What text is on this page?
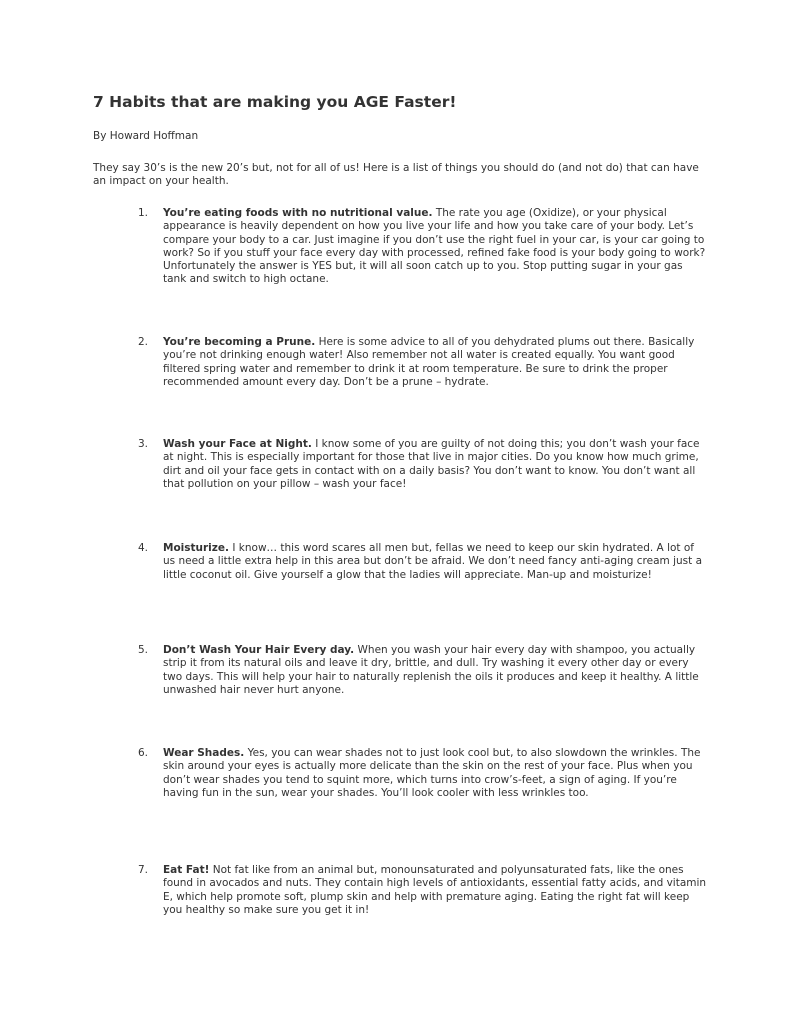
7 Habits that are making you AGE Faster!

By Howard Hoffman

They say 30’s is the new 20’s but, not for all of us! Here is a list of things you should do (and not do) that can have an impact on your health.

1.	You’re eating foods with no nutritional value. The rate you age (Oxidize), or your physical appearance is heavily dependent on how you live your life and how you take care of your body. Let’s compare your body to a car. Just imagine if you don’t use the right fuel in your car, is your car going to work? So if you stuff your face every day with processed, refined fake food is your body going to work? Unfortunately the answer is YES but, it will all soon catch up to you. Stop putting sugar in your gas tank and switch to high octane.

2.	You’re becoming a Prune. Here is some advice to all of you dehydrated plums out there. Basically you’re not drinking enough water! Also remember not all water is created equally. You want good filtered spring water and remember to drink it at room temperature. Be sure to drink the proper recommended amount every day. Don’t be a prune – hydrate.

3.	Wash your Face at Night. I know some of you are guilty of not doing this; you don’t wash your face at night. This is especially important for those that live in major cities. Do you know how much grime, dirt and oil your face gets in contact with on a daily basis? You don’t want to know. You don’t want all that pollution on your pillow – wash your face!

4.	Moisturize. I know… this word scares all men but, fellas we need to keep our skin hydrated. A lot of us need a little extra help in this area but don’t be afraid. We don’t need fancy anti-aging cream just a little coconut oil. Give yourself a glow that the ladies will appreciate. Man-up and moisturize!

5.	Don’t Wash Your Hair Every day. When you wash your hair every day with shampoo, you actually strip it from its natural oils and leave it dry, brittle, and dull. Try washing it every other day or every two days. This will help your hair to naturally replenish the oils it produces and keep it healthy. A little unwashed hair never hurt anyone.

6.	Wear Shades. Yes, you can wear shades not to just look cool but, to also slowdown the wrinkles. The skin around your eyes is actually more delicate than the skin on the rest of your face. Plus when you don’t wear shades you tend to squint more, which turns into crow’s-feet, a sign of aging. If you’re having fun in the sun, wear your shades. You’ll look cooler with less wrinkles too.

7.	Eat Fat! Not fat like from an animal but, monounsaturated and polyunsaturated fats, like the ones found in avocados and nuts. They contain high levels of antioxidants, essential fatty acids, and vitamin E, which help promote soft, plump skin and help with premature aging. Eating the right fat will keep you healthy so make sure you get it in!
